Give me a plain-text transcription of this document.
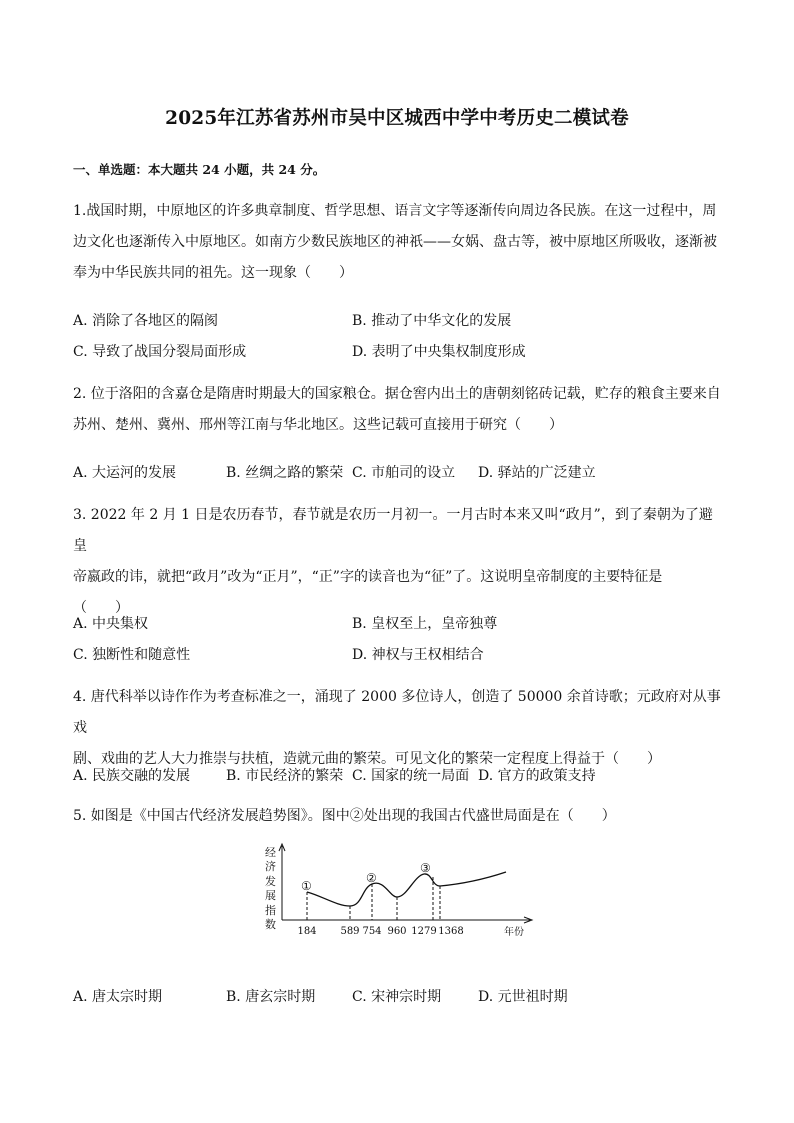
2025年江苏省苏州市吴中区城西中学中考历史二模试卷
一、单选题：本大题共 24 小题，共 24 分。
1.战国时期，中原地区的许多典章制度、哲学思想、语言文字等逐渐传向周边各民族。在这一过程中，周
边文化也逐渐传入中原地区。如南方少数民族地区的神祇——女娲、盘古等，被中原地区所吸收，逐渐被
奉为中华民族共同的祖先。这一现象（　　）
A. 消除了各地区的隔阂	B. 推动了中华文化的发展
C. 导致了战国分裂局面形成	D. 表明了中央集权制度形成
2. 位于洛阳的含嘉仓是隋唐时期最大的国家粮仓。据仓窖内出土的唐朝刻铭砖记载，贮存的粮食主要来自
苏州、楚州、冀州、邢州等江南与华北地区。这些记载可直接用于研究（　　）
A. 大运河的发展	B. 丝绸之路的繁荣 C. 市舶司的设立 D. 驿站的广泛建立
3. 2022 年 2 月 1 日是农历春节，春节就是农历一月初一。一月古时本来又叫“政月”，到了秦朝为了避皇
帝嬴政的讳，就把“政月”改为“正月”，“正”字的读音也为“征”了。这说明皇帝制度的主要特征是
（　　）
A. 中央集权	B. 皇权至上，皇帝独尊
C. 独断性和随意性	D. 神权与王权相结合
4. 唐代科举以诗作作为考查标准之一，涌现了 2000 多位诗人，创造了 50000 余首诗歌；元政府对从事戏
剧、戏曲的艺人大力推崇与扶植，造就元曲的繁荣。可见文化的繁荣一定程度上得益于（　　）
A. 民族交融的发展	B. 市民经济的繁荣 C. 国家的统一局面 D. 官方的政策支持
5. 如图是《中国古代经济发展趋势图》。图中②处出现的我国古代盛世局面是在（　　）
经
济
发
展
指
数
①
②
③
184 589 754 960 1279 1368	年份
A. 唐太宗时期	B. 唐玄宗时期	C. 宋神宗时期	D. 元世祖时期
